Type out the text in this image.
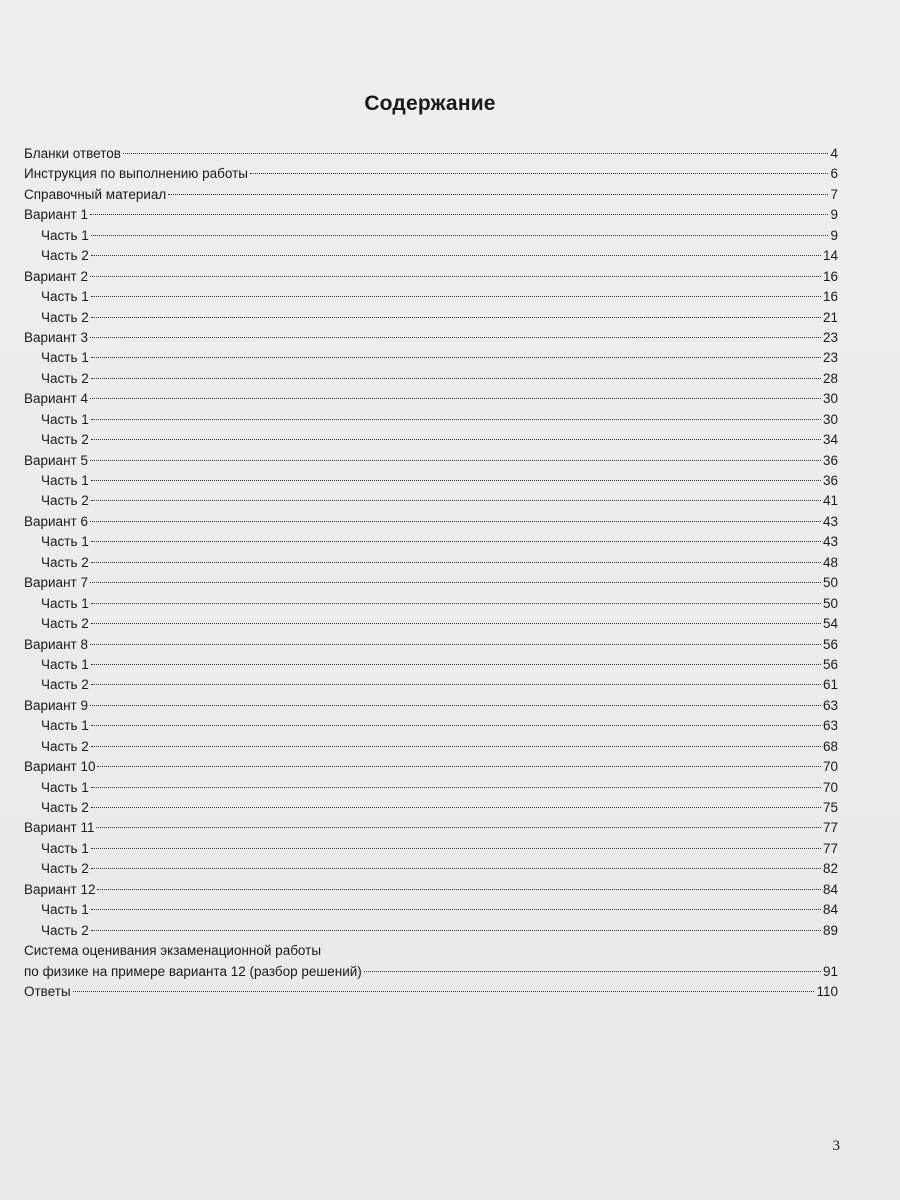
Содержание
Бланки ответов	4
Инструкция по выполнению работы	6
Справочный материал	7
Вариант 1	9
Часть 1	9
Часть 2	14
Вариант 2	16
Часть 1	16
Часть 2	21
Вариант 3	23
Часть 1	23
Часть 2	28
Вариант 4	30
Часть 1	30
Часть 2	34
Вариант 5	36
Часть 1	36
Часть 2	41
Вариант 6	43
Часть 1	43
Часть 2	48
Вариант 7	50
Часть 1	50
Часть 2	54
Вариант 8	56
Часть 1	56
Часть 2	61
Вариант 9	63
Часть 1	63
Часть 2	68
Вариант 10	70
Часть 1	70
Часть 2	75
Вариант 11	77
Часть 1	77
Часть 2	82
Вариант 12	84
Часть 1	84
Часть 2	89
Система оценивания экзаменационной работы
по физике на примере варианта 12 (разбор решений)	91
Ответы	110
3
